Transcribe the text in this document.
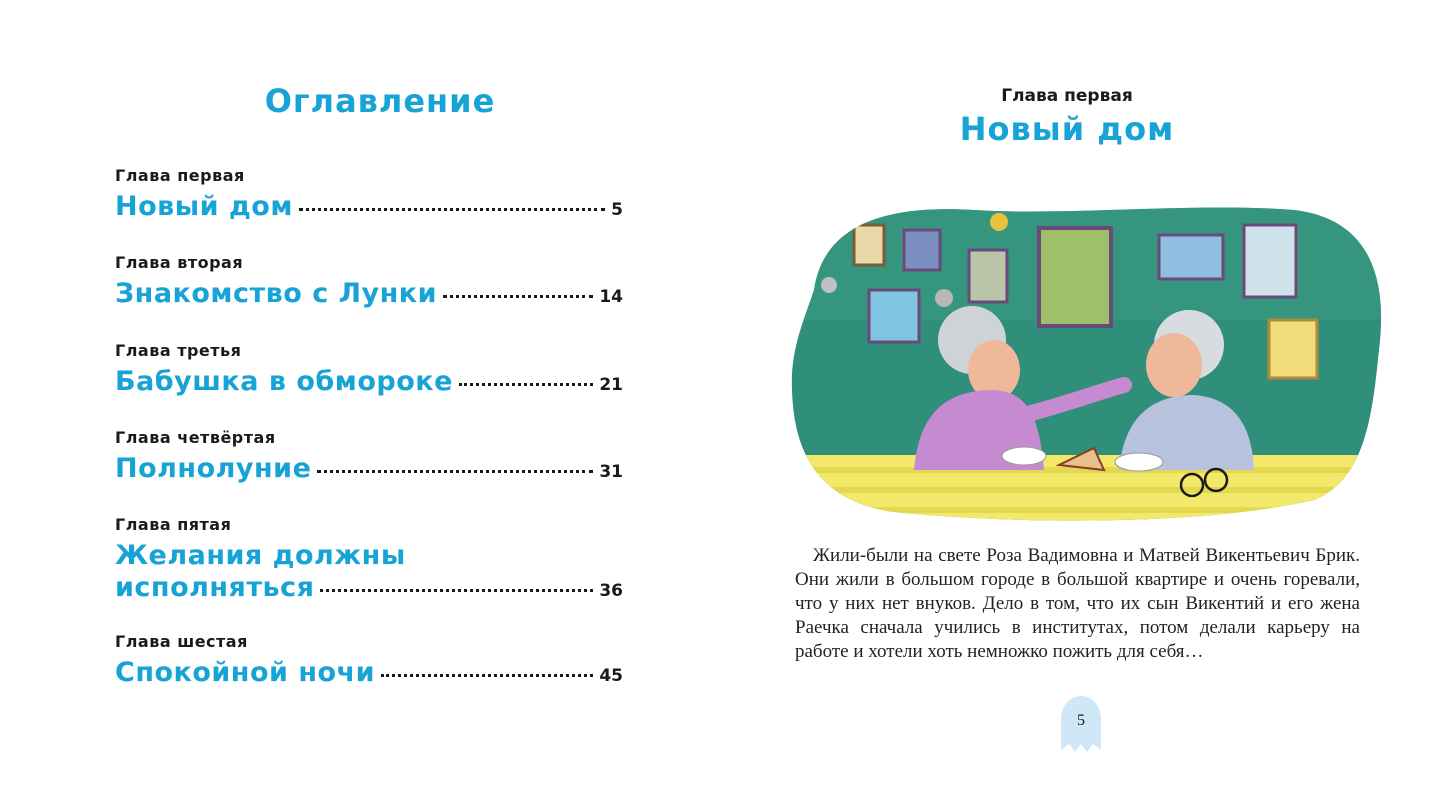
Оглавление
Глава первая
Новый дом	5
Глава вторая
Знакомство с Лунки	14
Глава третья
Бабушка в обмороке	21
Глава четвёртая
Полнолуние	31
Глава пятая
Желания должны
исполняться	36
Глава шестая
Спокойной ночи	45
Глава первая
Новый дом

Жили-были на свете Роза Вадимовна и Матвей Викентьевич Брик. Они жили в большом городе в большой квартире и очень горевали, что у них нет внуков. Дело в том, что их сын Викентий и его жена Раечка сначала учились в институтах, потом делали карьеру на работе и хотели хоть немножко пожить для себя…

5
